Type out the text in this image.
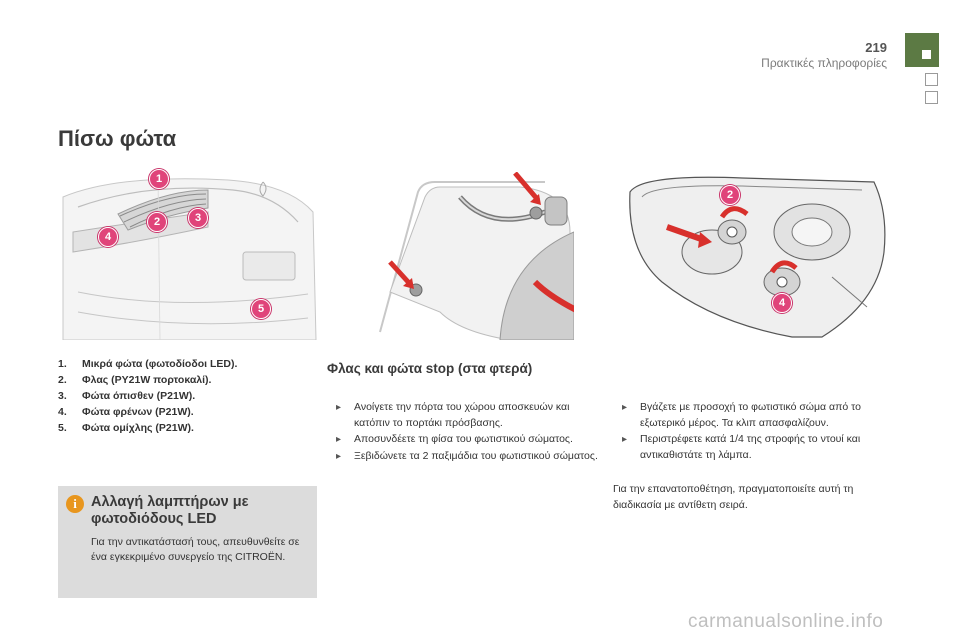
219
Πρακτικές πληροφορίες
Πίσω φώτα
1
2	3
4
5
2
4
1.	Μικρά φώτα (φωτοδίοδοι LED).
2.	Φλας (PY21W πορτοκαλί).
3.	Φώτα όπισθεν (P21W).
4.	Φώτα φρένων (P21W).
5.	Φώτα ομίχλης (P21W).
i Αλλαγή λαμπτήρων με φωτοδιόδους LED
Για την αντικατάστασή τους, απευθυνθείτε σε ένα εγκεκριμένο συνεργείο της CITROËN.
Φλας και φώτα stop (στα φτερά)
▸ Ανοίγετε την πόρτα του χώρου αποσκευών και κατόπιν το πορτάκι πρόσβασης.
▸ Αποσυνδέετε τη φίσα του φωτιστικού σώματος.
▸ Ξεβιδώνετε τα 2 παξιμάδια του φωτιστικού σώματος.
▸ Βγάζετε με προσοχή το φωτιστικό σώμα από το εξωτερικό μέρος. Τα κλιπ απασφαλίζουν.
▸ Περιστρέφετε κατά 1/4 της στροφής το ντουί και αντικαθιστάτε τη λάμπα.
Για την επανατοποθέτηση, πραγματοποιείτε αυτή τη διαδικασία με αντίθετη σειρά.
carmanualsonline.info
